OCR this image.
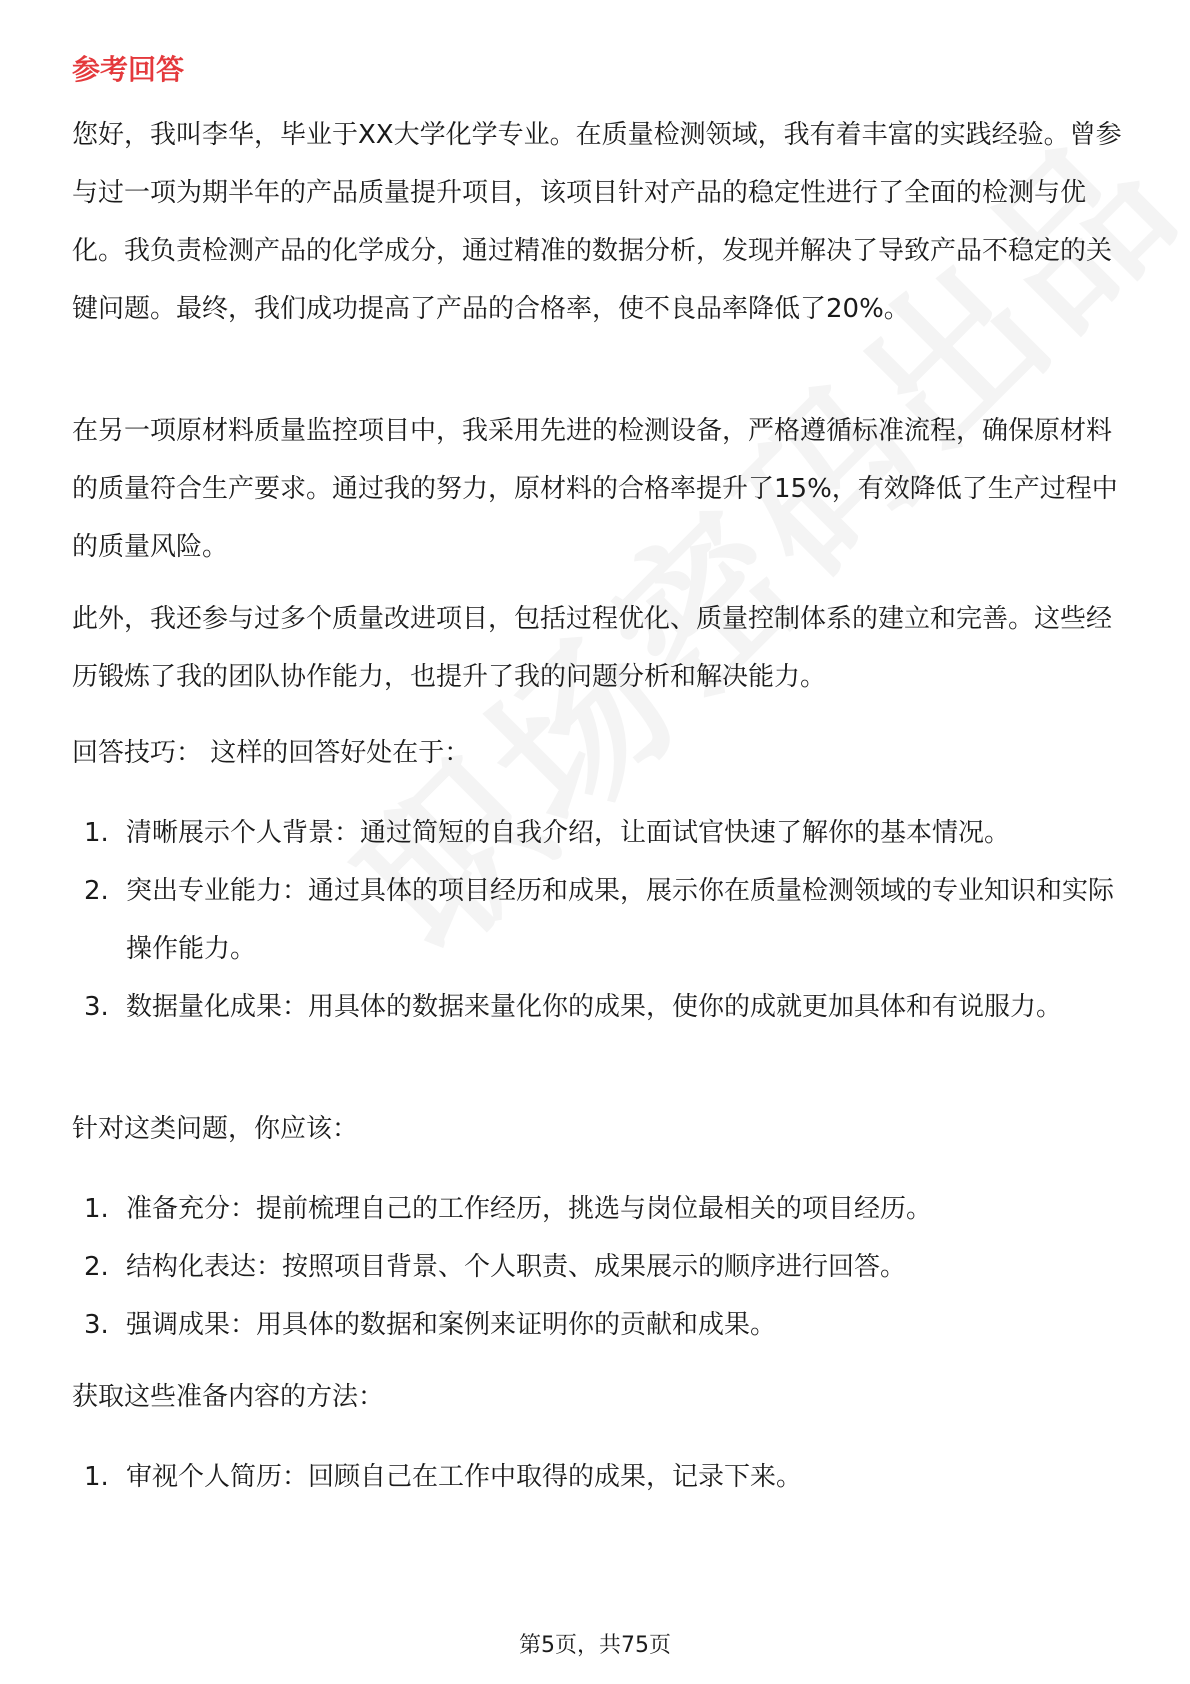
参考回答

您好，我叫李华，毕业于XX大学化学专业。在质量检测领域，我有着丰富的实践经验。曾参与过一项为期半年的产品质量提升项目，该项目针对产品的稳定性进行了全面的检测与优化。我负责检测产品的化学成分，通过精准的数据分析，发现并解决了导致产品不稳定的关键问题。最终，我们成功提高了产品的合格率，使不良品率降低了20%。

在另一项原材料质量监控项目中，我采用先进的检测设备，严格遵循标准流程，确保原材料的质量符合生产要求。通过我的努力，原材料的合格率提升了15%，有效降低了生产过程中的质量风险。

此外，我还参与过多个质量改进项目，包括过程优化、质量控制体系的建立和完善。这些经历锻炼了我的团队协作能力，也提升了我的问题分析和解决能力。

回答技巧： 这样的回答好处在于：

1. 清晰展示个人背景：通过简短的自我介绍，让面试官快速了解你的基本情况。
2. 突出专业能力：通过具体的项目经历和成果，展示你在质量检测领域的专业知识和实际操作能力。
3. 数据量化成果：用具体的数据来量化你的成果，使你的成就更加具体和有说服力。

针对这类问题，你应该：

1. 准备充分：提前梳理自己的工作经历，挑选与岗位最相关的项目经历。
2. 结构化表达：按照项目背景、个人职责、成果展示的顺序进行回答。
3. 强调成果：用具体的数据和案例来证明你的贡献和成果。

获取这些准备内容的方法：

1. 审视个人简历：回顾自己在工作中取得的成果，记录下来。
第5页，共75页
